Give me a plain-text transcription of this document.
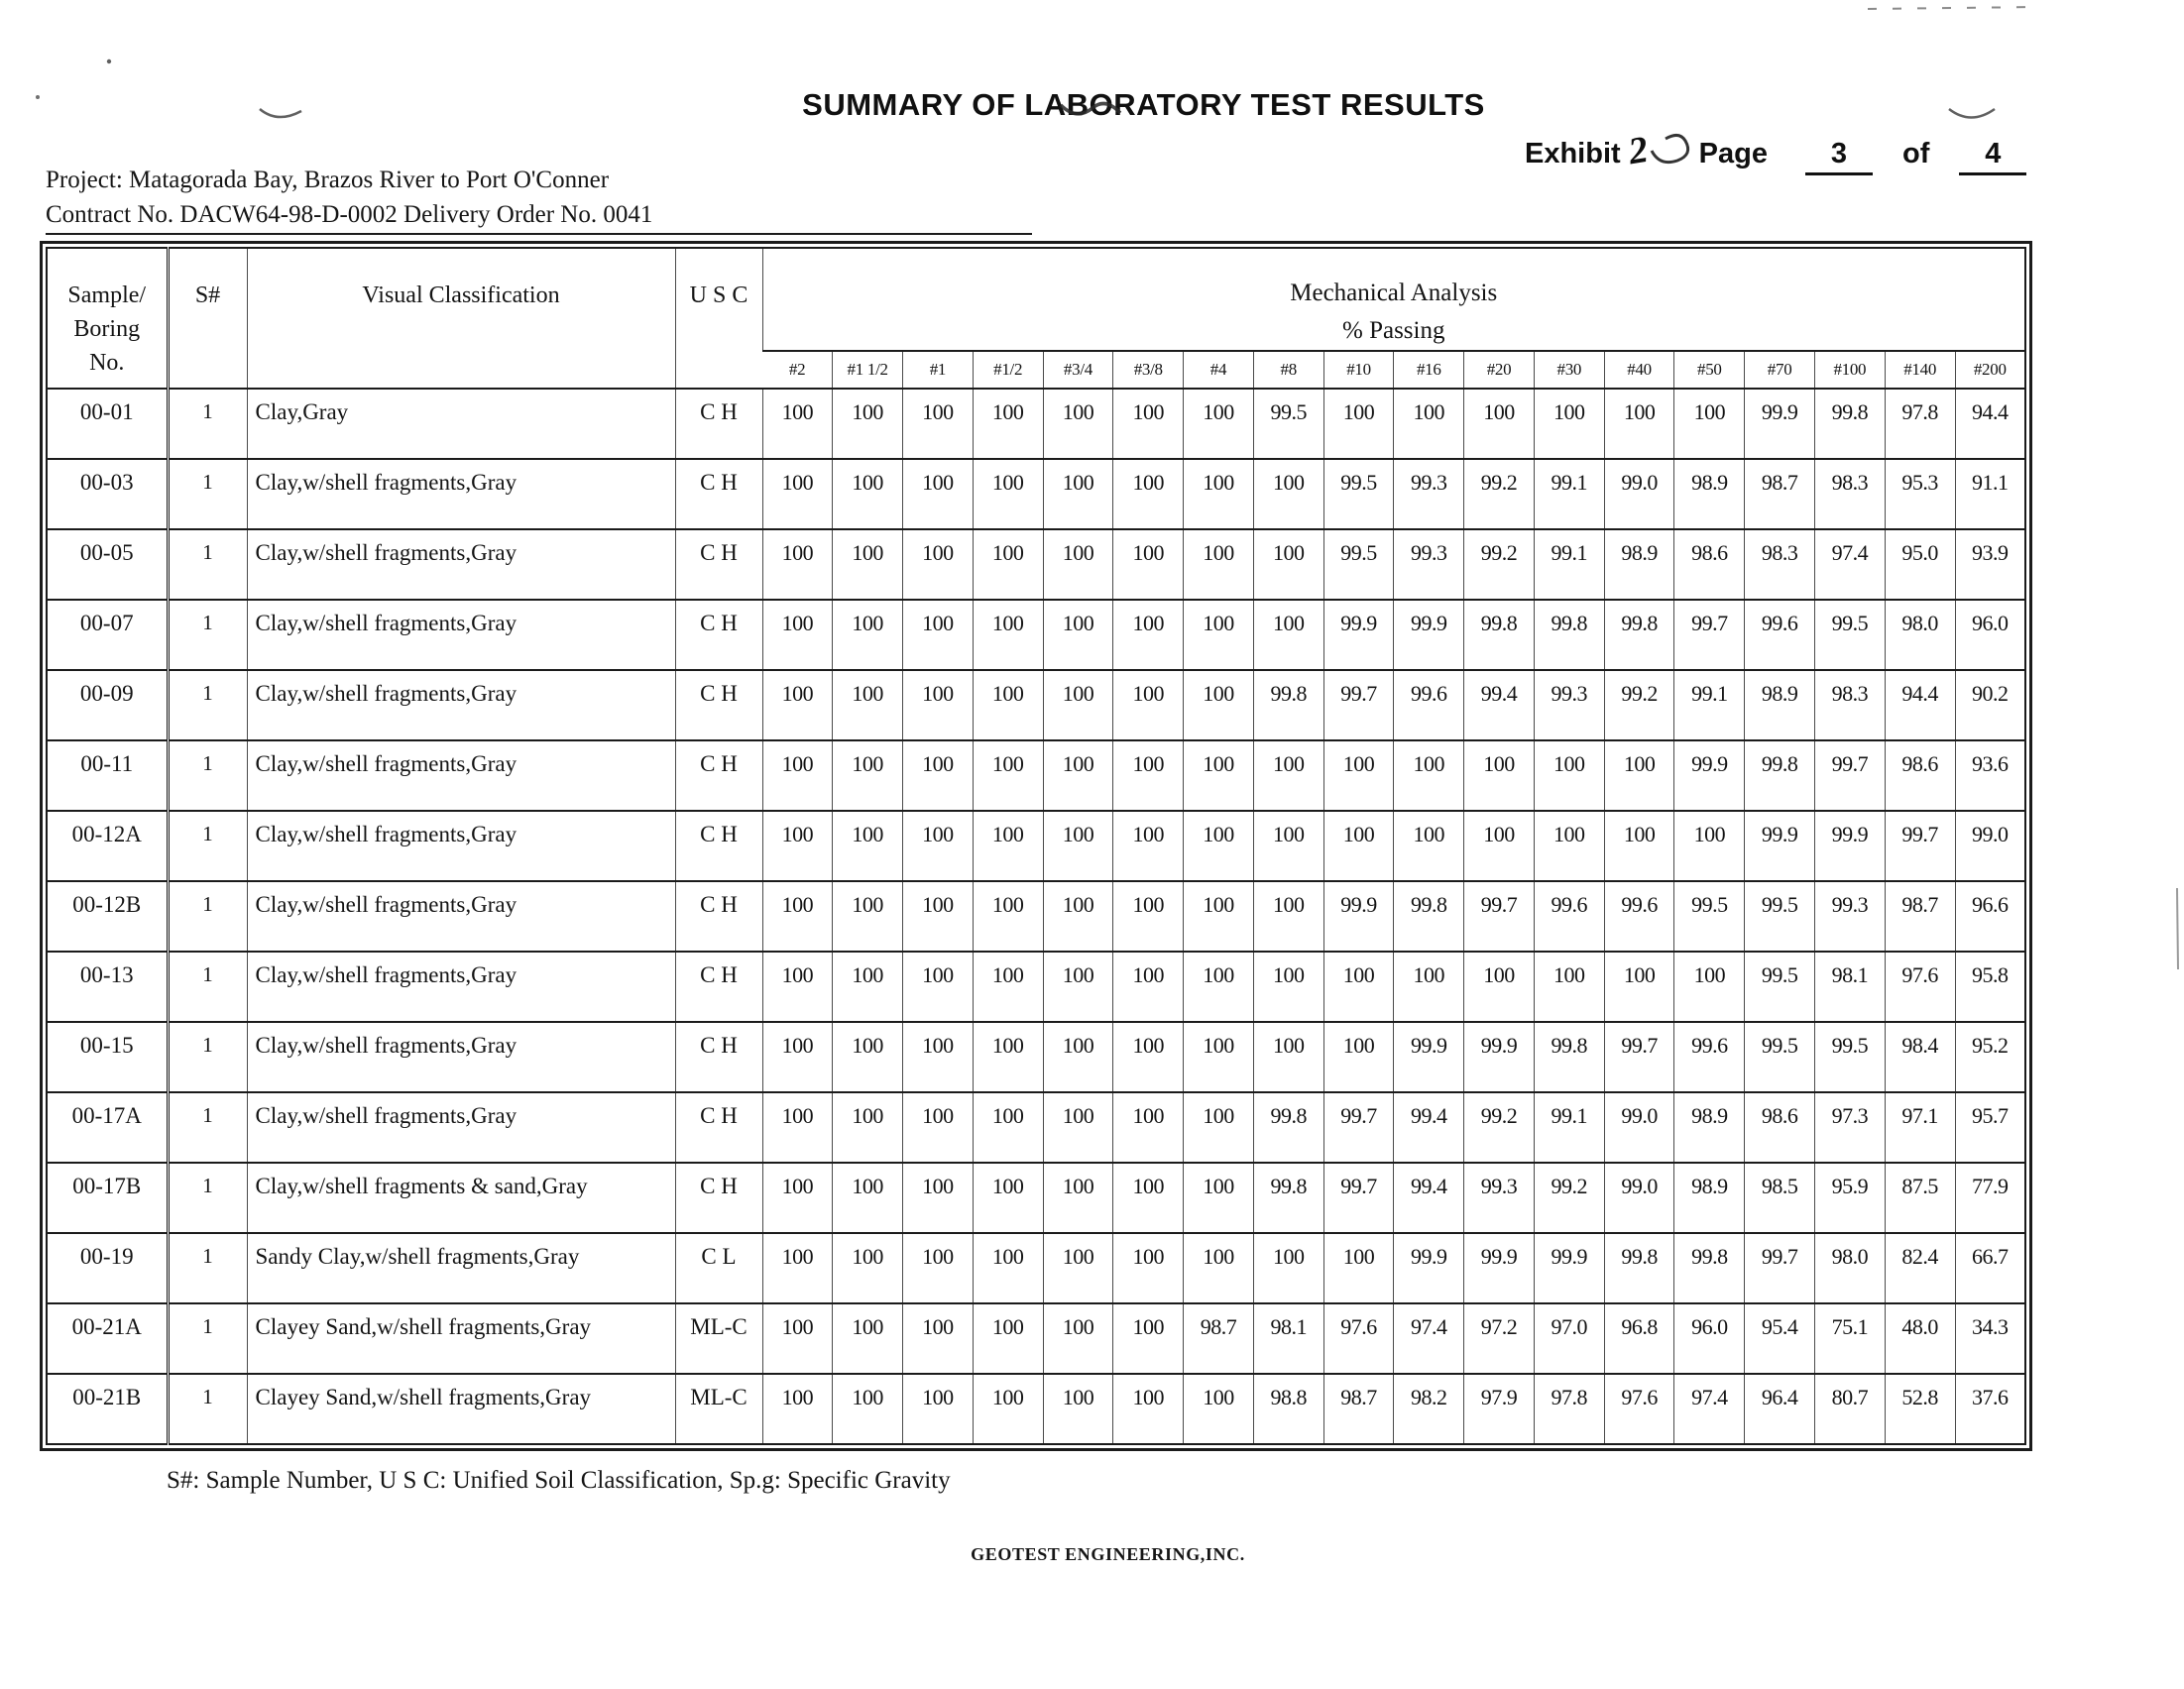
SUMMARY OF LABORATORY TEST RESULTS
Exhibit 2 Page	3	of	4
Project: Matagorada Bay, Brazos River to Port O'Conner
Contract No. DACW64-98-D-0002 Delivery Order No. 0041
Sample/
Boring
No.
	S#	Visual Classification	U S C	Mechanical Analysis
% Passing

				#2	#1 1/2	#1	#1/2	#3/4	#3/8	#4	#8	#10	#16	#20	#30	#40	#50	#70	#100	#140	#200
00-01	1	Clay,Gray	C H	100	100	100	100	100	100	100	99.5	100	100	100	100	100	100	99.9	99.8	97.8	94.4
00-03	1	Clay,w/shell fragments,Gray	C H	100	100	100	100	100	100	100	100	99.5	99.3	99.2	99.1	99.0	98.9	98.7	98.3	95.3	91.1
00-05	1	Clay,w/shell fragments,Gray	C H	100	100	100	100	100	100	100	100	99.5	99.3	99.2	99.1	98.9	98.6	98.3	97.4	95.0	93.9
00-07	1	Clay,w/shell fragments,Gray	C H	100	100	100	100	100	100	100	100	99.9	99.9	99.8	99.8	99.8	99.7	99.6	99.5	98.0	96.0
00-09	1	Clay,w/shell fragments,Gray	C H	100	100	100	100	100	100	100	99.8	99.7	99.6	99.4	99.3	99.2	99.1	98.9	98.3	94.4	90.2
00-11	1	Clay,w/shell fragments,Gray	C H	100	100	100	100	100	100	100	100	100	100	100	100	100	99.9	99.8	99.7	98.6	93.6
00-12A	1	Clay,w/shell fragments,Gray	C H	100	100	100	100	100	100	100	100	100	100	100	100	100	100	99.9	99.9	99.7	99.0
00-12B	1	Clay,w/shell fragments,Gray	C H	100	100	100	100	100	100	100	100	99.9	99.8	99.7	99.6	99.6	99.5	99.5	99.3	98.7	96.6
00-13	1	Clay,w/shell fragments,Gray	C H	100	100	100	100	100	100	100	100	100	100	100	100	100	100	99.5	98.1	97.6	95.8
00-15	1	Clay,w/shell fragments,Gray	C H	100	100	100	100	100	100	100	100	100	99.9	99.9	99.8	99.7	99.6	99.5	99.5	98.4	95.2
00-17A	1	Clay,w/shell fragments,Gray	C H	100	100	100	100	100	100	100	99.8	99.7	99.4	99.2	99.1	99.0	98.9	98.6	97.3	97.1	95.7
00-17B	1	Clay,w/shell fragments & sand,Gray	C H	100	100	100	100	100	100	100	99.8	99.7	99.4	99.3	99.2	99.0	98.9	98.5	95.9	87.5	77.9
00-19	1	Sandy Clay,w/shell fragments,Gray	C L	100	100	100	100	100	100	100	100	100	99.9	99.9	99.9	99.8	99.8	99.7	98.0	82.4	66.7
00-21A	1	Clayey Sand,w/shell fragments,Gray	ML-C	100	100	100	100	100	100	98.7	98.1	97.6	97.4	97.2	97.0	96.8	96.0	95.4	75.1	48.0	34.3
00-21B	1	Clayey Sand,w/shell fragments,Gray	ML-C	100	100	100	100	100	100	100	98.8	98.7	98.2	97.9	97.8	97.6	97.4	96.4	80.7	52.8	37.6
S#: Sample Number, U S C: Unified Soil Classification, Sp.g: Specific Gravity
GEOTEST ENGINEERING,INC.
